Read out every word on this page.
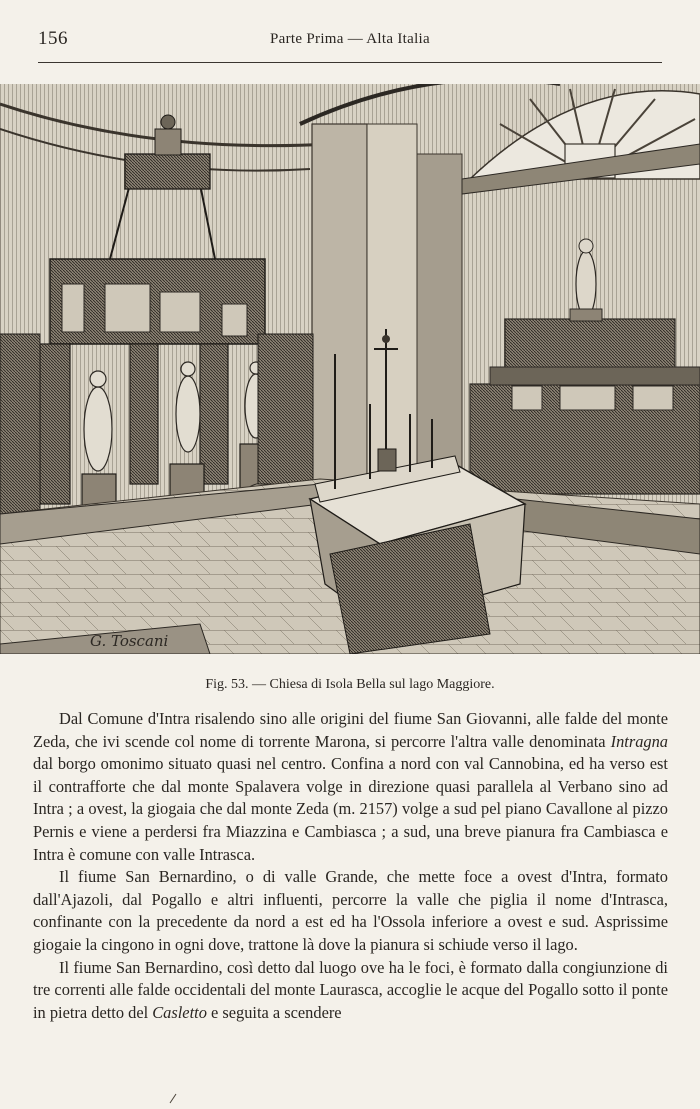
156	Parte Prima — Alta Italia
G. Toscani
Fig. 53. — Chiesa di Isola Bella sul lago Maggiore.

Dal Comune d'Intra risalendo sino alle origini del fiume San Giovanni, alle falde del monte Zeda, che ivi scende col nome di torrente Marona, si percorre l'altra valle denominata Intragna dal borgo omonimo situato quasi nel centro. Confina a nord con val Cannobina, ed ha verso est il contrafforte che dal monte Spalavera volge in direzione quasi parallela al Verbano sino ad Intra ; a ovest, la giogaia che dal monte Zeda (m. 2157) volge a sud pel piano Cavallone al pizzo Pernis e viene a perdersi fra Miazzina e Cambiasca ; a sud, una breve pianura fra Cambiasca e Intra è comune con valle Intrasca.

Il fiume San Bernardino, o di valle Grande, che mette foce a ovest d'Intra, formato dall'Ajazoli, dal Pogallo e altri influenti, percorre la valle che piglia il nome d'Intrasca, confinante con la precedente da nord a est ed ha l'Ossola inferiore a ovest e sud. Asprissime giogaie la cingono in ogni dove, trattone là dove la pianura si schiude verso il lago.

Il fiume San Bernardino, così detto dal luogo ove ha le foci, è formato dalla congiunzione di tre correnti alle falde occidentali del monte Laurasca, accoglie le acque del Pogallo sotto il ponte in pietra detto del Casletto e seguita a scendere
